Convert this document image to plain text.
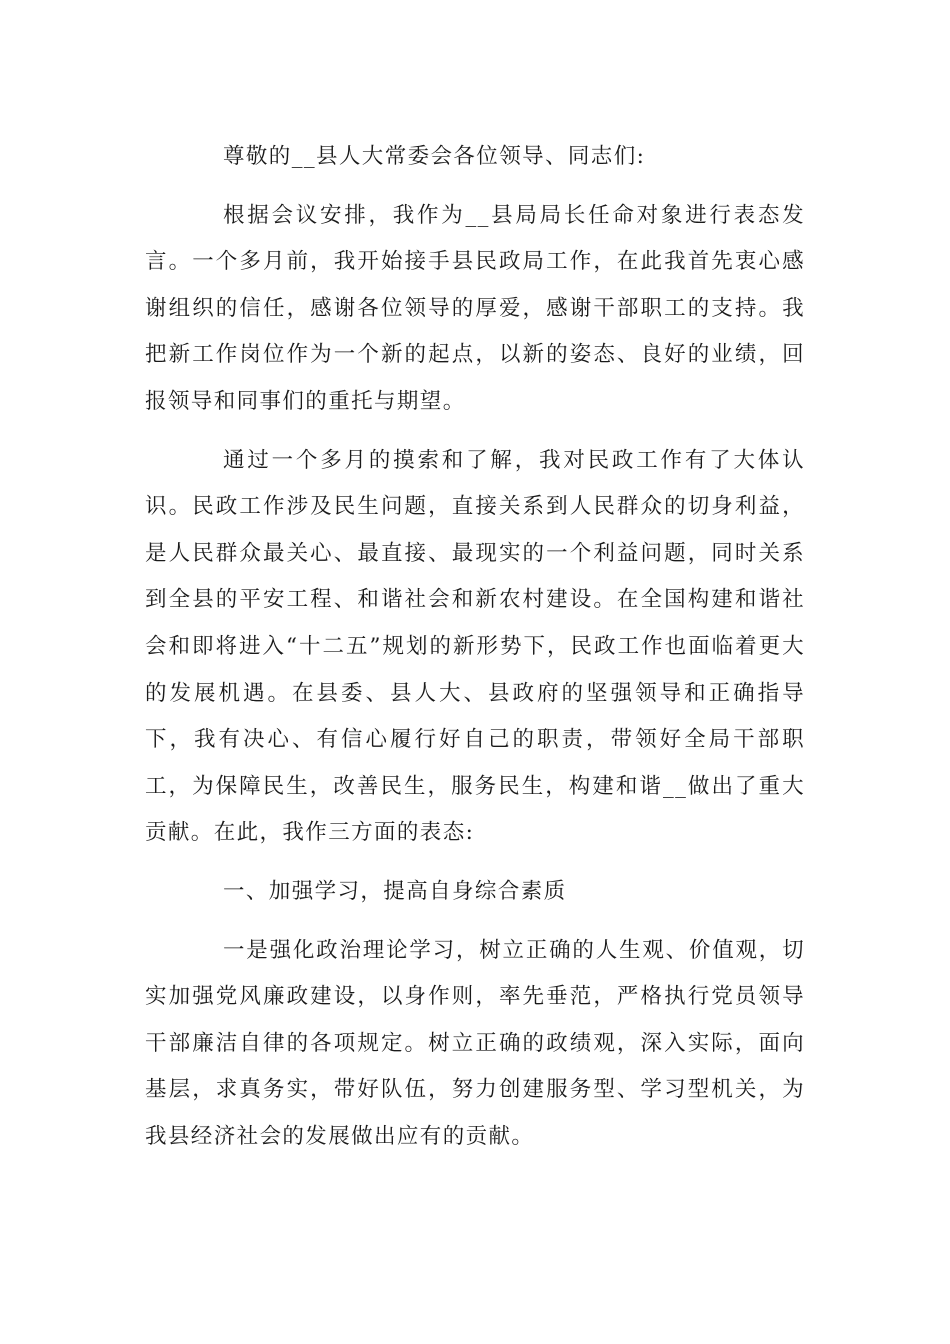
尊敬的__县人大常委会各位领导、同志们:

根据会议安排，我作为__县局局长任命对象进行表态发言。一个多月前，我开始接手县民政局工作，在此我首先衷心感谢组织的信任，感谢各位领导的厚爱，感谢干部职工的支持。我把新工作岗位作为一个新的起点，以新的姿态、良好的业绩，回报领导和同事们的重托与期望。

通过一个多月的摸索和了解，我对民政工作有了大体认识。民政工作涉及民生问题，直接关系到人民群众的切身利益，是人民群众最关心、最直接、最现实的一个利益问题，同时关系到全县的平安工程、和谐社会和新农村建设。在全国构建和谐社会和即将进入“十二五”规划的新形势下，民政工作也面临着更大的发展机遇。在县委、县人大、县政府的坚强领导和正确指导下，我有决心、有信心履行好自己的职责，带领好全局干部职工，为保障民生，改善民生，服务民生，构建和谐__做出了重大贡献。在此，我作三方面的表态:

一、加强学习，提高自身综合素质

一是强化政治理论学习，树立正确的人生观、价值观，切实加强党风廉政建设，以身作则，率先垂范，严格执行党员领导干部廉洁自律的各项规定。树立正确的政绩观，深入实际，面向基层，求真务实，带好队伍，努力创建服务型、学习型机关，为我县经济社会的发展做出应有的贡献。
